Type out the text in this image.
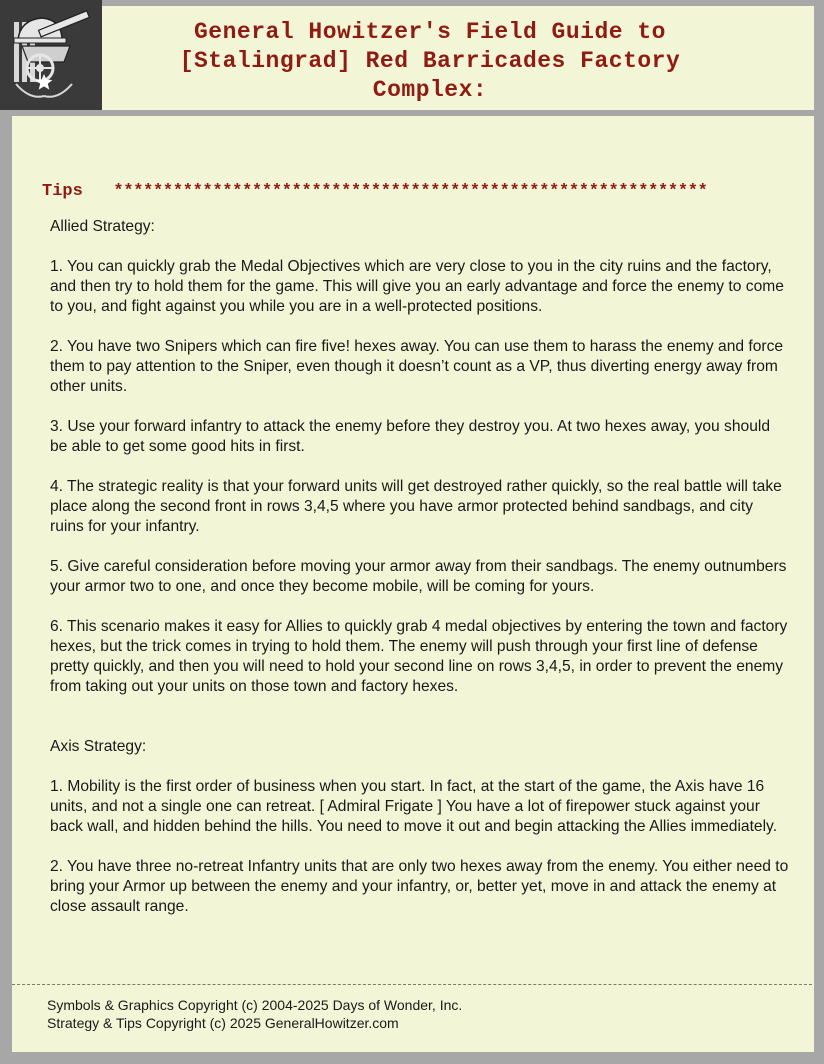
General Howitzer's Field Guide to
[Stalingrad] Red Barricades Factory
Complex:
Tips ************************************************************

Allied Strategy:

1. You can quickly grab the Medal Objectives which are very close to you in the city ruins and the factory, and then try to hold them for the game. This will give you an early advantage and force the enemy to come to you, and fight against you while you are in a well-protected positions.

2. You have two Snipers which can fire five! hexes away. You can use them to harass the enemy and force them to pay attention to the Sniper, even though it doesn’t count as a VP, thus diverting energy away from other units.

3. Use your forward infantry to attack the enemy before they destroy you. At two hexes away, you should be able to get some good hits in first.

4. The strategic reality is that your forward units will get destroyed rather quickly, so the real battle will take place along the second front in rows 3,4,5 where you have armor protected behind sandbags, and city ruins for your infantry.

5. Give careful consideration before moving your armor away from their sandbags. The enemy outnumbers your armor two to one, and once they become mobile, will be coming for yours.

6. This scenario makes it easy for Allies to quickly grab 4 medal objectives by entering the town and factory hexes, but the trick comes in trying to hold them. The enemy will push through your first line of defense pretty quickly, and then you will need to hold your second line on rows 3,4,5, in order to prevent the enemy from taking out your units on those town and factory hexes.

Axis Strategy:

1. Mobility is the first order of business when you start. In fact, at the start of the game, the Axis have 16 units, and not a single one can retreat. [ Admiral Frigate ] You have a lot of firepower stuck against your back wall, and hidden behind the hills. You need to move it out and begin attacking the Allies immediately.

2. You have three no-retreat Infantry units that are only two hexes away from the enemy. You either need to bring your Armor up between the enemy and your infantry, or, better yet, move in and attack the enemy at close assault range.

Symbols & Graphics Copyright (c) 2004-2025 Days of Wonder, Inc.
Strategy & Tips Copyright (c) 2025 GeneralHowitzer.com
